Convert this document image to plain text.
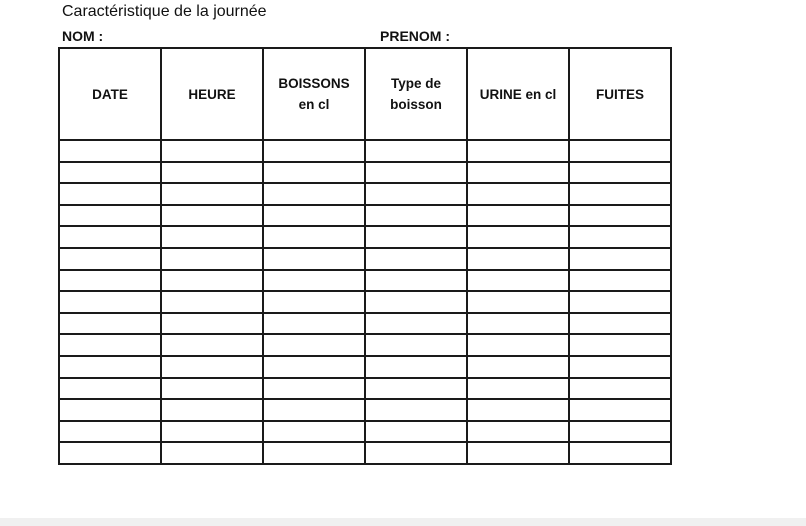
Caractéristique de la journée
NOM :	PRENOM :
DATE	HEURE	BOISSONS en cl	Type de boisson	URINE en cl	FUITES
